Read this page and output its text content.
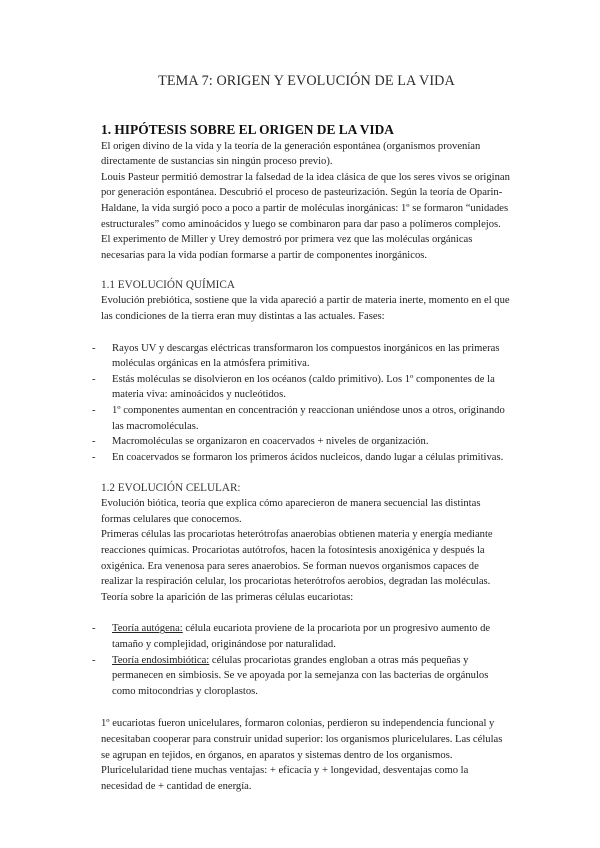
TEMA 7: ORIGEN Y EVOLUCIÓN DE LA VIDA
1. HIPÓTESIS SOBRE EL ORIGEN DE LA VIDA

El origen divino de la vida y la teoría de la generación espontánea (organismos provenían directamente de sustancias sin ningún proceso previo).

Louis Pasteur permitió demostrar la falsedad de la idea clásica de que los seres vivos se originan por generación espontánea. Descubrió el proceso de pasteurización. Según la teoría de Oparin-Haldane, la vida surgió poco a poco a partir de moléculas inorgánicas: 1º se formaron “unidades estructurales” como aminoácidos y luego se combinaron para dar paso a polímeros complejos. El experimento de Miller y Urey demostró por primera vez que las moléculas orgánicas necesarias para la vida podían formarse a partir de componentes inorgánicos.

1.1 EVOLUCIÓN QUÍMICA

Evolución prebiótica, sostiene que la vida apareció a partir de materia inerte, momento en el que las condiciones de la tierra eran muy distintas a las actuales. Fases:

- Rayos UV y descargas eléctricas transformaron los compuestos inorgánicos en las primeras moléculas orgánicas en la atmósfera primitiva.
- Estás moléculas se disolvieron en los océanos (caldo primitivo). Los 1º componentes de la materia viva: aminoácidos y nucleótidos.
- 1º componentes aumentan en concentración y reaccionan uniéndose unos a otros, originando las macromoléculas.
- Macromoléculas se organizaron en coacervados + niveles de organización.
- En coacervados se formaron los primeros ácidos nucleicos, dando lugar a células primitivas.
1.2 EVOLUCIÓN CELULAR:

Evolución biótica, teoría que explica cómo aparecieron de manera secuencial las distintas formas celulares que conocemos.

Primeras células las procariotas heterótrofas anaerobias obtienen materia y energía mediante reacciones químicas. Procariotas autótrofos, hacen la fotosíntesis anoxigénica y después la oxigénica. Era venenosa para seres anaerobios. Se forman nuevos organismos capaces de realizar la respiración celular, los procariotas heterótrofos aerobios, degradan las moléculas. Teoría sobre la aparición de las primeras células eucariotas:

- Teoría autógena: célula eucariota proviene de la procariota por un progresivo aumento de tamaño y complejidad, originándose por naturalidad.
- Teoría endosimbiótica: células procariotas grandes engloban a otras más pequeñas y permanecen en simbiosis. Se ve apoyada por la semejanza con las bacterias de orgánulos como mitocondrias y cloroplastos.

1º eucariotas fueron unicelulares, formaron colonias, perdieron su independencia funcional y necesitaban cooperar para construir unidad superior: los organismos pluricelulares. Las células se agrupan en tejidos, en órganos, en aparatos y sistemas dentro de los organismos. Pluricelularidad tiene muchas ventajas: + eficacia y + longevidad, desventajas como la necesidad de + cantidad de energía.
